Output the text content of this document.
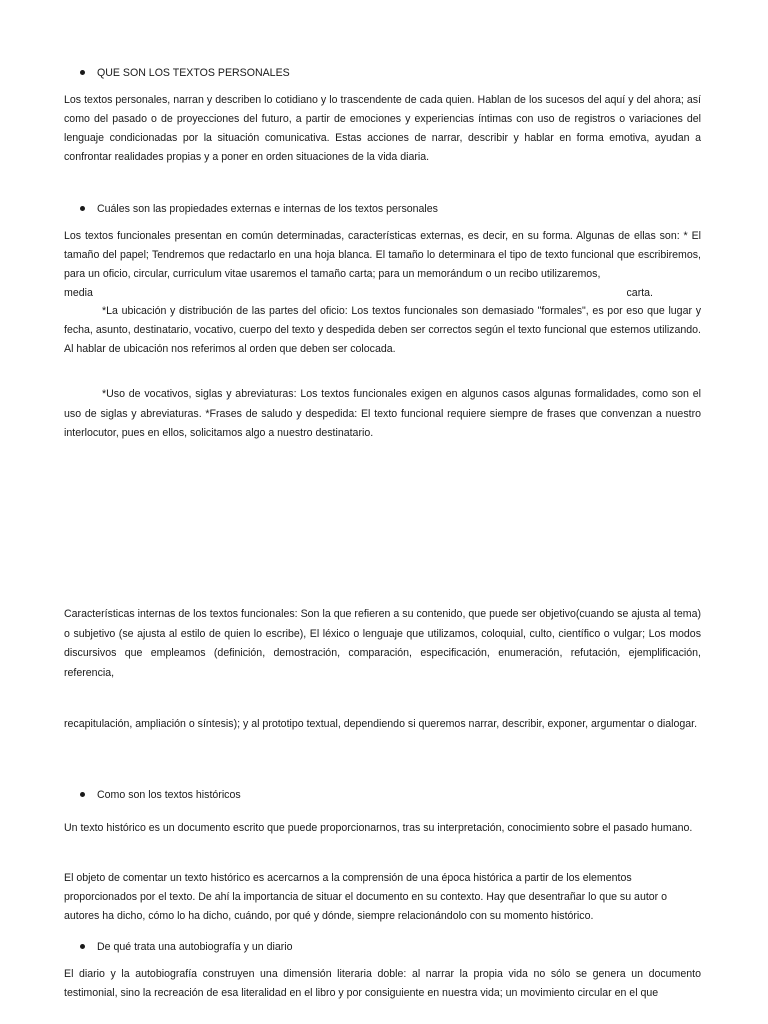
QUE SON LOS TEXTOS PERSONALES

Los textos personales, narran y describen lo cotidiano y lo trascendente de cada quien. Hablan de los sucesos del aquí y del ahora; así como del pasado o de proyecciones del futuro, a partir de emociones y experiencias íntimas con uso de registros o variaciones del lenguaje condicionadas por la situación comunicativa. Estas acciones de narrar, describir y hablar en forma emotiva, ayudan a confrontar realidades propias y a poner en orden situaciones de la vida diaria.

Cuáles son las propiedades externas e internas de los textos personales

Los textos funcionales presentan en común determinadas, características externas, es decir, en su forma. Algunas de ellas son: * El tamaño del papel; Tendremos que redactarlo en una hoja blanca. El tamaño lo determinara el tipo de texto funcional que escribiremos, para un oficio, circular, curriculum vitae usaremos el tamaño carta; para un memorándum o un recibo utilizaremos,

media	carta.

*La ubicación y distribución de las partes del oficio: Los textos funcionales son demasiado "formales", es por eso que lugar y fecha, asunto, destinatario, vocativo, cuerpo del texto y despedida deben ser correctos según el texto funcional que estemos utilizando. Al hablar de ubicación nos referimos al orden que deben ser colocada.

*Uso de vocativos, siglas y abreviaturas: Los textos funcionales exigen en algunos casos algunas formalidades, como son el uso de siglas y abreviaturas. *Frases de saludo y despedida: El texto funcional requiere siempre de frases que convenzan a nuestro interlocutor, pues en ellos, solicitamos algo a nuestro destinatario.

Características internas de los textos funcionales: Son la que refieren a su contenido, que puede ser objetivo(cuando se ajusta al tema) o subjetivo (se ajusta al estilo de quien lo escribe), El léxico o lenguaje que utilizamos, coloquial, culto, científico o vulgar; Los modos discursivos que empleamos (definición, demostración, comparación, especificación, enumeración, refutación, ejemplificación, referencia,

recapitulación, ampliación o síntesis); y al prototipo textual, dependiendo si queremos narrar, describir, exponer, argumentar o dialogar.

Como son los textos históricos

Un texto histórico es un documento escrito que puede proporcionarnos, tras su interpretación, conocimiento sobre el pasado humano.

El objeto de comentar un texto histórico es acercarnos a la comprensión de una época histórica a partir de los elementos proporcionados por el texto. De ahí la importancia de situar el documento en su contexto. Hay que desentrañar lo que su autor o autores ha dicho, cómo lo ha dicho, cuándo, por qué y dónde, siempre relacionándolo con su momento histórico.

De qué trata una autobiografía y un diario

El diario y la autobiografía construyen una dimensión literaria doble: al narrar la propia vida no sólo se genera un documento testimonial, sino la recreación de esa literalidad en el libro y por consiguiente en nuestra vida; un movimiento circular en el que
